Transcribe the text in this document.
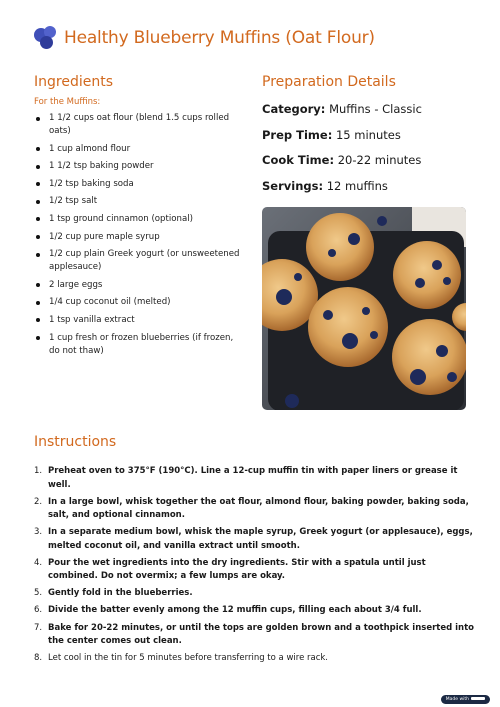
Healthy Blueberry Muffins (Oat Flour)
Ingredients
For the Muffins:
1 1/2 cups oat flour (blend 1.5 cups rolled oats)
1 cup almond flour
1 1/2 tsp baking powder
1/2 tsp baking soda
1/2 tsp salt
1 tsp ground cinnamon (optional)
1/2 cup pure maple syrup
1/2 cup plain Greek yogurt (or unsweetened applesauce)
2 large eggs
1/4 cup coconut oil (melted)
1 tsp vanilla extract
1 cup fresh or frozen blueberries (if frozen, do not thaw)
Preparation Details
Category: Muffins - Classic
Prep Time: 15 minutes
Cook Time: 20-22 minutes
Servings: 12 muffins
Instructions
1. Preheat oven to 375°F (190°C). Line a 12-cup muffin tin with paper liners or grease it well.
2. In a large bowl, whisk together the oat flour, almond flour, baking powder, baking soda, salt, and optional cinnamon.
3. In a separate medium bowl, whisk the maple syrup, Greek yogurt (or applesauce), eggs, melted coconut oil, and vanilla extract until smooth.
4. Pour the wet ingredients into the dry ingredients. Stir with a spatula until just combined. Do not overmix; a few lumps are okay.
5. Gently fold in the blueberries.
6. Divide the batter evenly among the 12 muffin cups, filling each about 3/4 full.
7. Bake for 20-22 minutes, or until the tops are golden brown and a toothpick inserted into the center comes out clean.
8. Let cool in the tin for 5 minutes before transferring to a wire rack.
Made with
